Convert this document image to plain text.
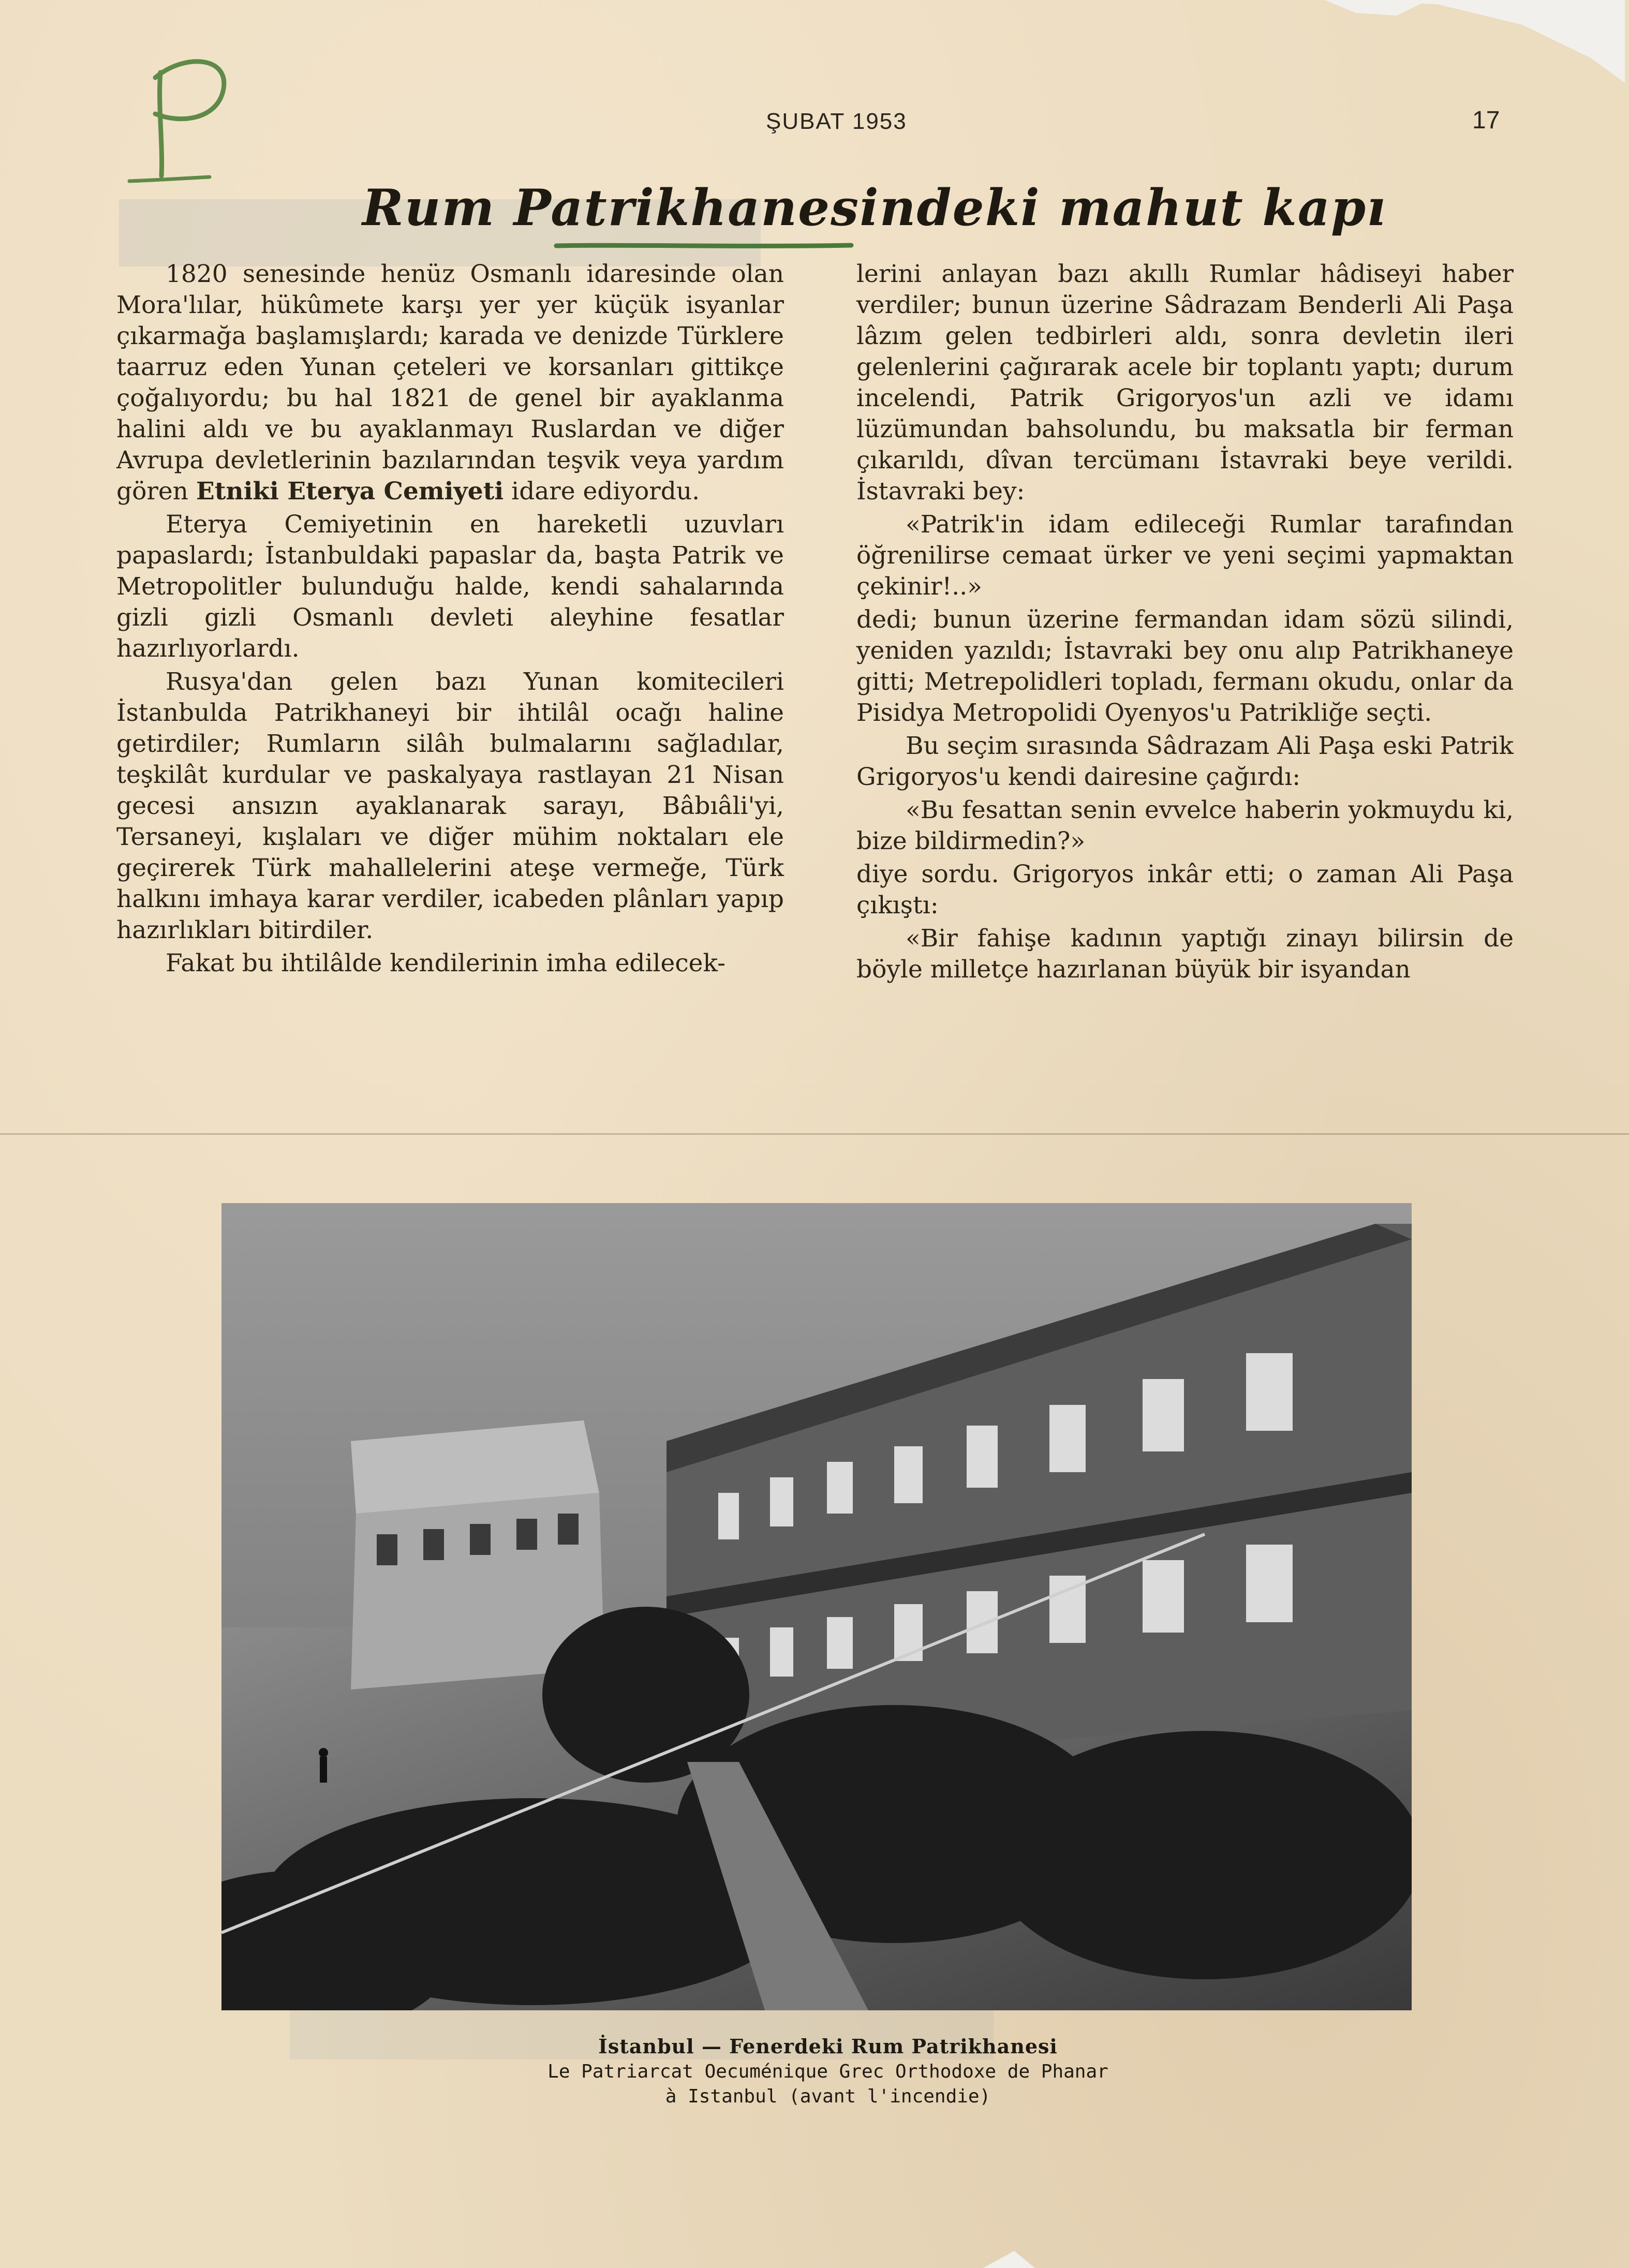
ŞUBAT 1953	17
Rum Patrikhanesindeki mahut kapı

1820 senesinde henüz Osmanlı idaresinde olan Mora'lılar, hükûmete karşı yer yer küçük isyanlar çıkarmağa başlamışlardı; karada ve denizde Türklere taarruz eden Yunan çeteleri ve korsanları gittikçe çoğalıyordu; bu hal 1821 de genel bir ayaklanma halini aldı ve bu ayaklanmayı Ruslardan ve diğer Avrupa devletlerinin bazılarından teşvik veya yardım gören Etniki Eterya Cemiyeti idare ediyordu.

Eterya Cemiyetinin en hareketli uzuvları papaslardı; İstanbuldaki papaslar da, başta Patrik ve Metropolitler bulunduğu halde, kendi sahalarında gizli gizli Osmanlı devleti aleyhine fesatlar hazırlıyorlardı.

Rusya'dan gelen bazı Yunan komitecileri İstanbulda Patrikhaneyi bir ihtilâl ocağı haline getirdiler; Rumların silâh bulmalarını sağladılar, teşkilât kurdular ve paskalyaya rastlayan 21 Nisan gecesi ansızın ayaklanarak sarayı, Bâbıâli'yi, Tersaneyi, kışlaları ve diğer mühim noktaları ele geçirerek Türk mahallelerini ateşe vermeğe, Türk halkını imhaya karar verdiler, icabeden plânları yapıp hazırlıkları bitirdiler.

Fakat bu ihtilâlde kendilerinin imha edilecek-

lerini anlayan bazı akıllı Rumlar hâdiseyi haber verdiler; bunun üzerine Sâdrazam Benderli Ali Paşa lâzım gelen tedbirleri aldı, sonra devletin ileri gelenlerini çağırarak acele bir toplantı yaptı; durum incelendi, Patrik Grigoryos'un azli ve idamı lüzümundan bahsolundu, bu maksatla bir ferman çıkarıldı, dîvan tercümanı İstavraki beye verildi. İstavraki bey:

«Patrik'in idam edileceği Rumlar tarafından öğrenilirse cemaat ürker ve yeni seçimi yapmaktan çekinir!..»

dedi; bunun üzerine fermandan idam sözü silindi, yeniden yazıldı; İstavraki bey onu alıp Patrikhaneye gitti; Metrepolidleri topladı, fermanı okudu, onlar da Pisidya Metropolidi Oyenyos'u Patrikliğe seçti.

Bu seçim sırasında Sâdrazam Ali Paşa eski Patrik Grigoryos'u kendi dairesine çağırdı:

«Bu fesattan senin evvelce haberin yokmuydu ki, bize bildirmedin?»

diye sordu. Grigoryos inkâr etti; o zaman Ali Paşa çıkıştı:

«Bir fahişe kadının yaptığı zinayı bilirsin de böyle milletçe hazırlanan büyük bir isyandan

İstanbul — Fenerdeki Rum Patrikhanesi
Le Patriarcat Oecuménique Grec Orthodoxe de Phanar
à Istanbul (avant l'incendie)
